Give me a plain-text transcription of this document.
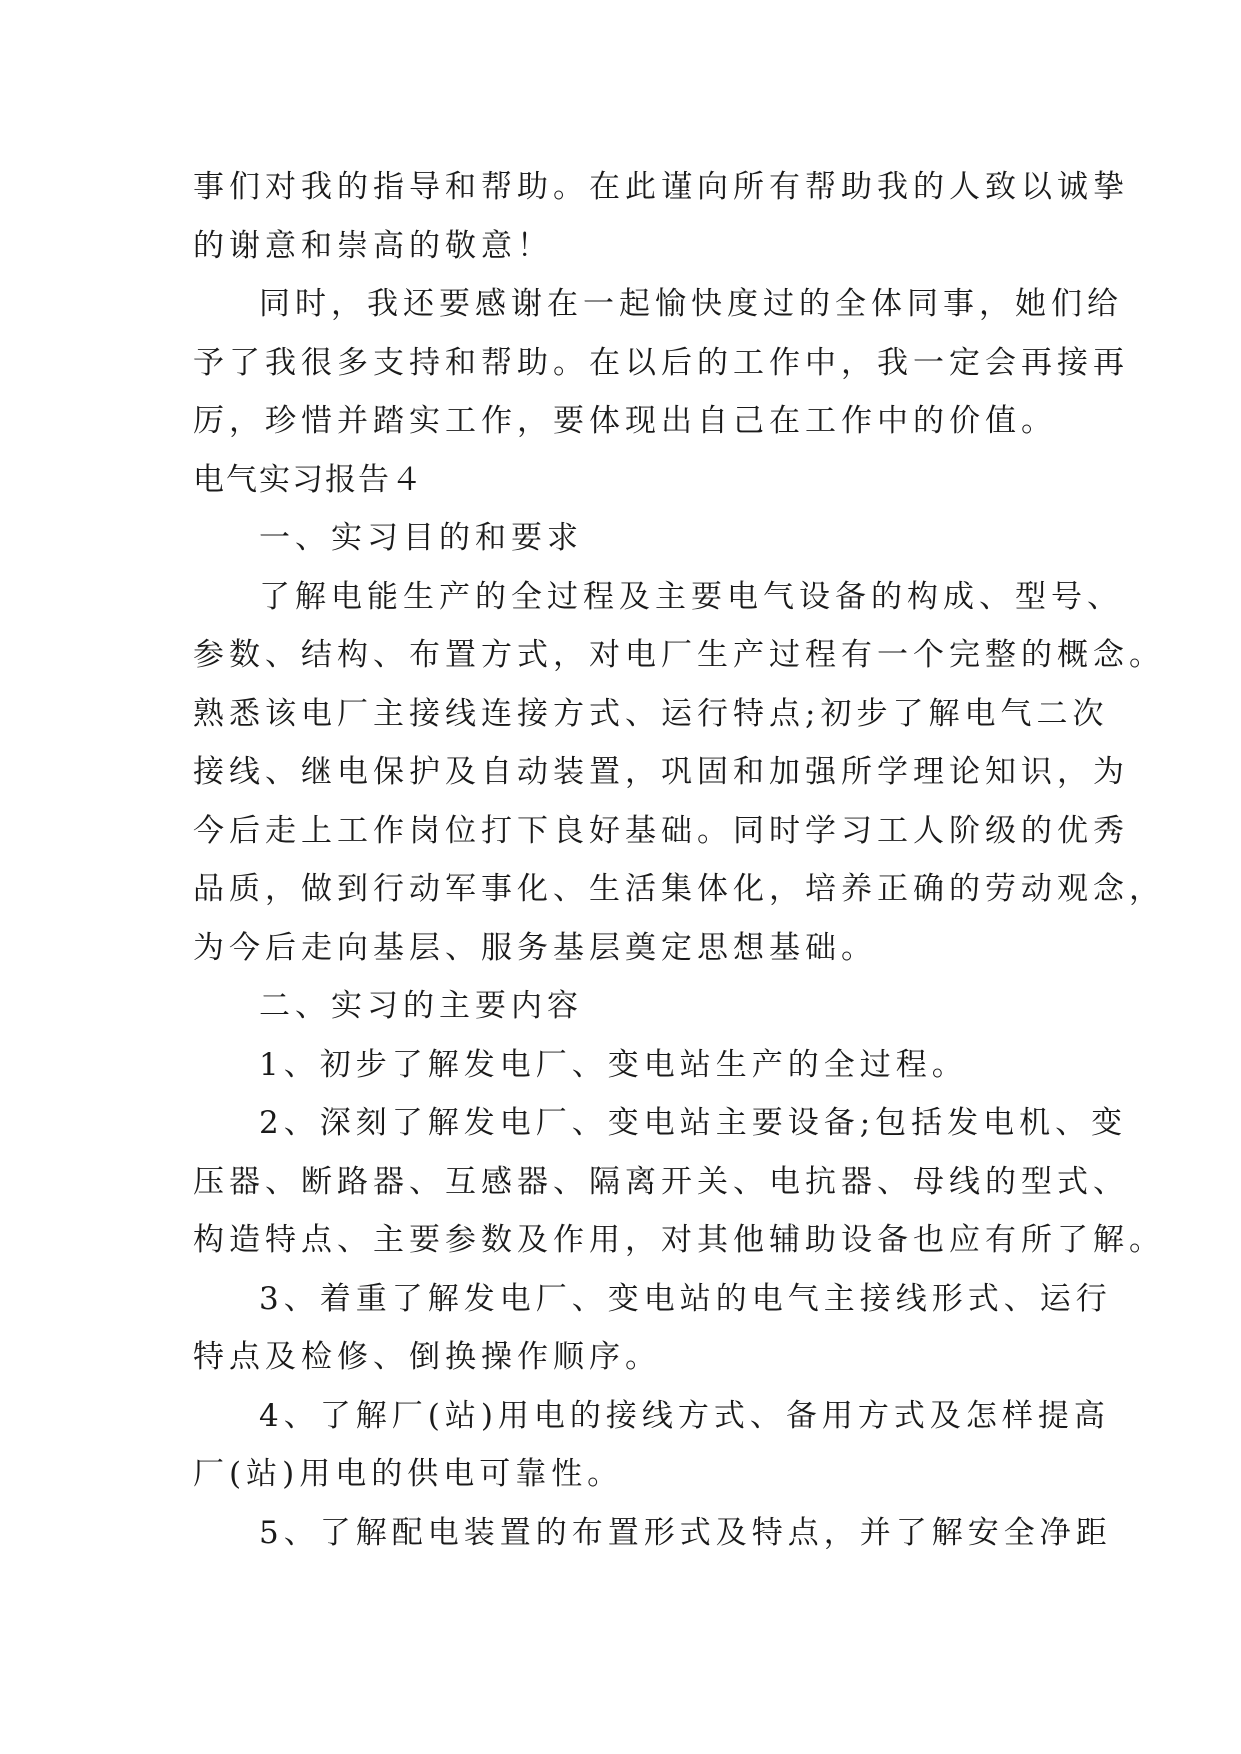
事们对我的指导和帮助。在此谨向所有帮助我的人致以诚挚
的谢意和崇高的敬意！
同时，我还要感谢在一起愉快度过的全体同事，她们给
予了我很多支持和帮助。在以后的工作中，我一定会再接再
厉，珍惜并踏实工作，要体现出自己在工作中的价值。
电气实习报告４
一、实习目的和要求
了解电能生产的全过程及主要电气设备的构成、型号、
参数、结构、布置方式，对电厂生产过程有一个完整的概念。
熟悉该电厂主接线连接方式、运行特点;初步了解电气二次
接线、继电保护及自动装置，巩固和加强所学理论知识，为
今后走上工作岗位打下良好基础。同时学习工人阶级的优秀
品质，做到行动军事化、生活集体化，培养正确的劳动观念，
为今后走向基层、服务基层奠定思想基础。
二、实习的主要内容
1、初步了解发电厂、变电站生产的全过程。
2、深刻了解发电厂、变电站主要设备;包括发电机、变
压器、断路器、互感器、隔离开关、电抗器、母线的型式、
构造特点、主要参数及作用，对其他辅助设备也应有所了解。
3、着重了解发电厂、变电站的电气主接线形式、运行
特点及检修、倒换操作顺序。
4、了解厂(站)用电的接线方式、备用方式及怎样提高
厂(站)用电的供电可靠性。
5、了解配电装置的布置形式及特点，并了解安全净距
